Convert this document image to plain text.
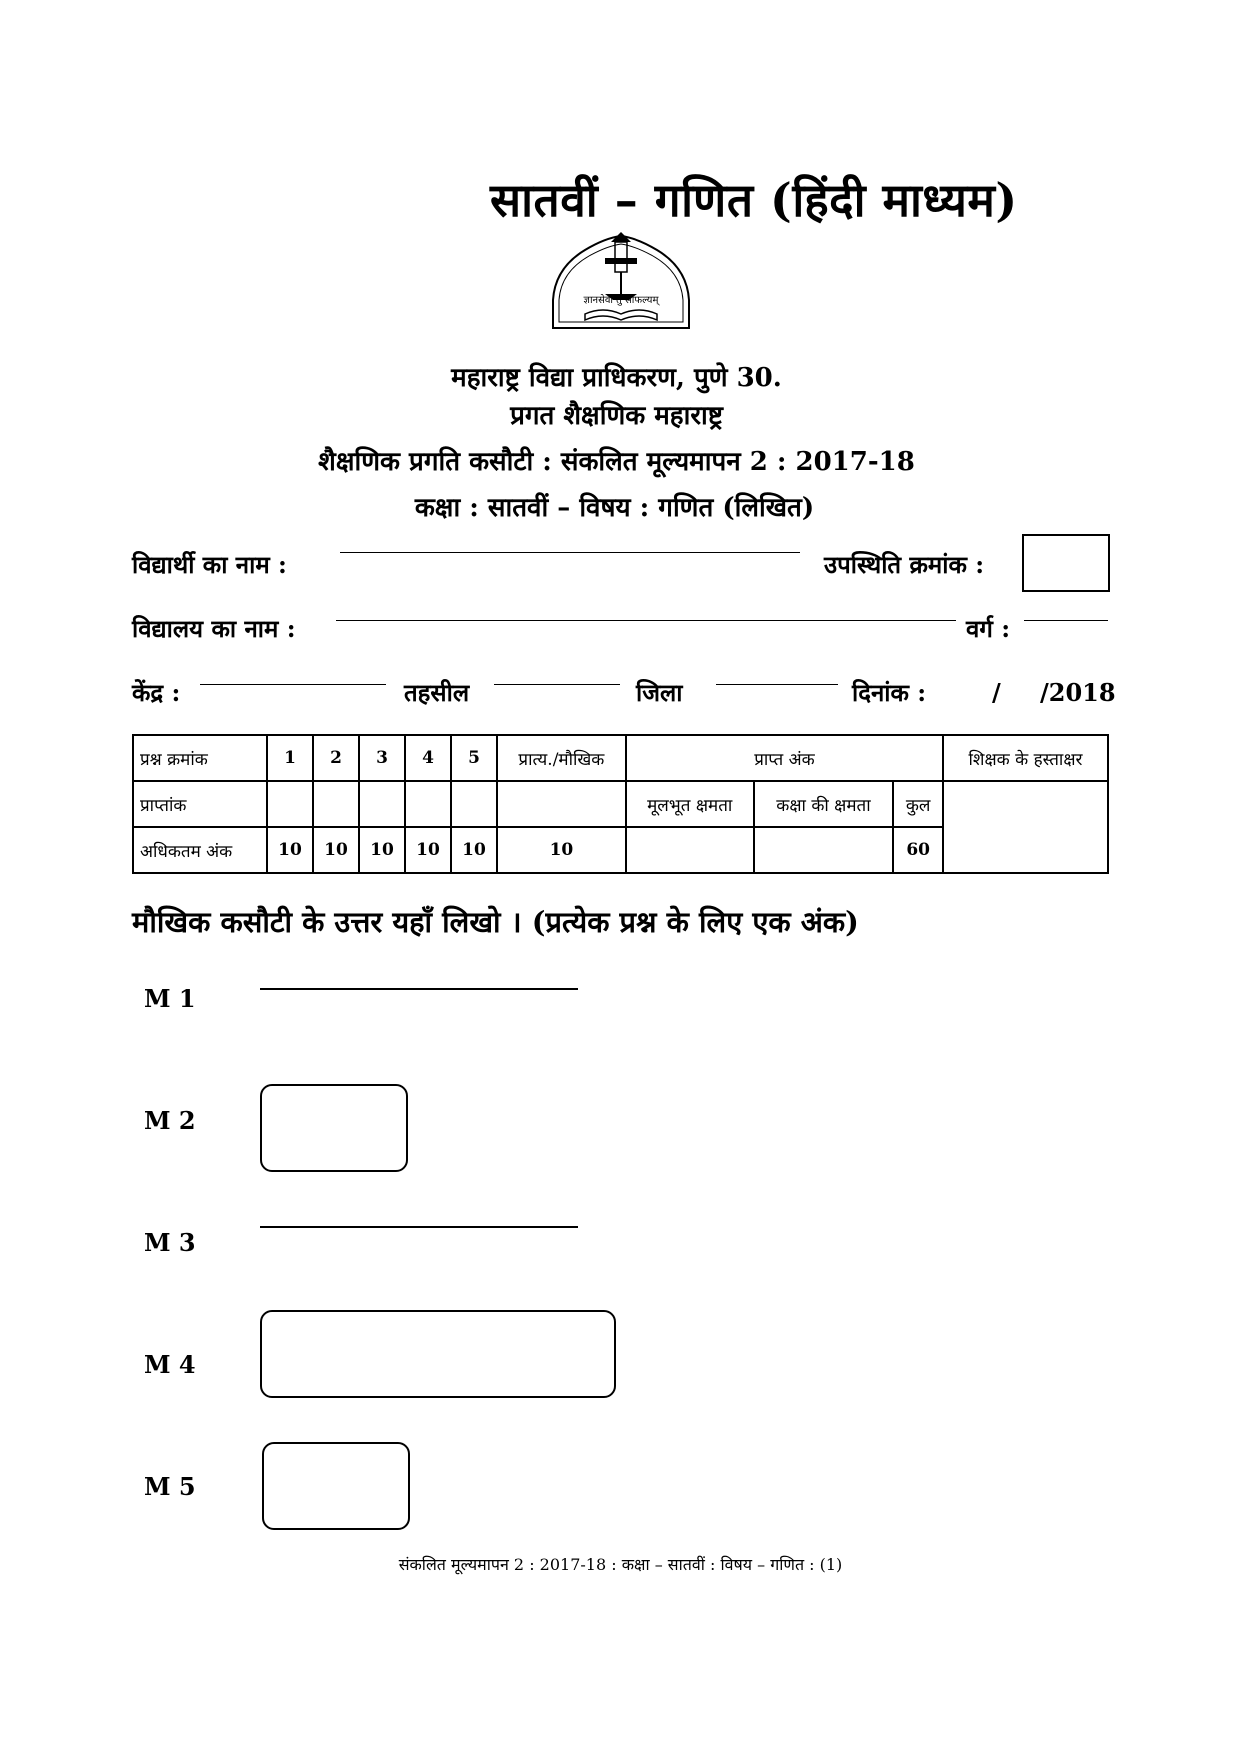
सातवीं – गणित (हिंदी माध्यम)
ज्ञानसेवा तु साफल्यम्
महाराष्ट्र विद्या प्राधिकरण, पुणे 30.
प्रगत शैक्षणिक महाराष्ट्र
शैक्षणिक प्रगति कसौटी : संकलित मूल्यमापन 2 : 2017-18
कक्षा : सातवीं – विषय : गणित (लिखित)
विद्यार्थी का नाम :	उपस्थिति क्रमांक :
विद्यालय का नाम :	वर्ग :
केंद्र :	तहसील	जिला	दिनांक :	/ /2018
प्रश्न क्रमांक	1	2	3	4	5	प्रात्य./मौखिक	प्राप्त अंक			शिक्षक के हस्ताक्षर
प्राप्तांक							मूलभूत क्षमता	कक्षा की क्षमता	कुल	
अधिकतम अंक	10	10	10	10	10	10			60	
मौखिक कसौटी के उत्तर यहाँ लिखो । (प्रत्येक प्रश्न के लिए एक अंक)
M 1
M 2
M 3
M 4
M 5
संकलित मूल्यमापन 2 : 2017-18 : कक्षा – सातवीं : विषय – गणित : (1)
